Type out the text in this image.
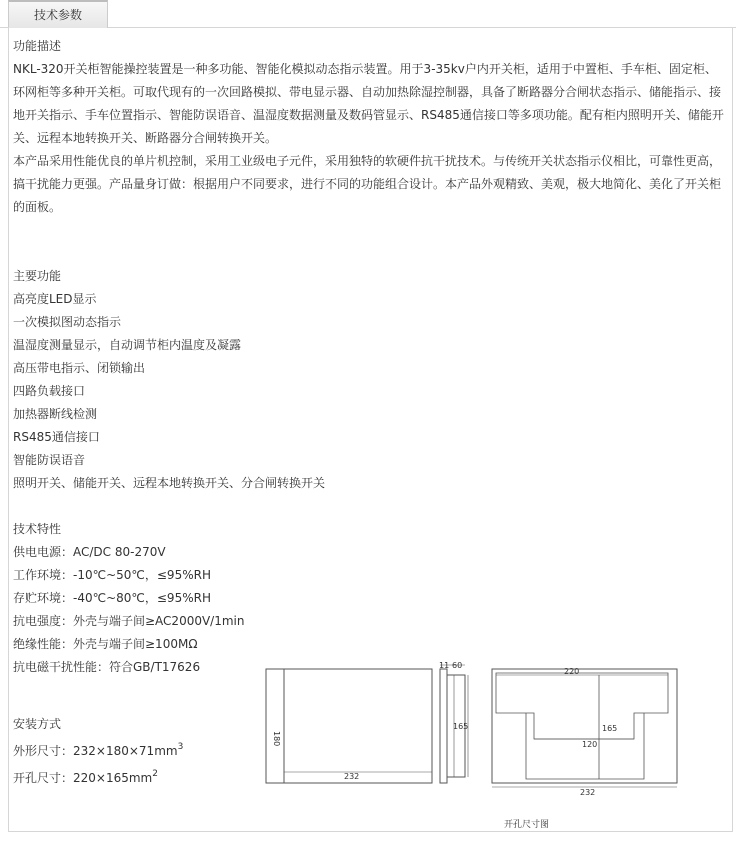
技术参数
功能描述

NKL-320开关柜智能操控装置是一种多功能、智能化模拟动态指示装置。用于3-35kv户内开关柜，适用于中置柜、手车柜、固定柜、环网柜等多种开关柜。可取代现有的一次回路模拟、带电显示器、自动加热除湿控制器，具备了断路器分合闸状态指示、储能指示、接地开关指示、手车位置指示、智能防误语音、温湿度数据测量及数码管显示、RS485通信接口等多项功能。配有柜内照明开关、储能开关、远程本地转换开关、断路器分合闸转换开关。

本产品采用性能优良的单片机控制，采用工业级电子元件，采用独特的软硬件抗干扰技术。与传统开关状态指示仪相比，可靠性更高，搞干扰能力更强。产品量身订做：根据用户不同要求，进行不同的功能组合设计。本产品外观精致、美观，极大地简化、美化了开关柜的面板。

主要功能
高亮度LED显示
一次模拟图动态指示
温湿度测量显示，自动调节柜内温度及凝露
高压带电指示、闭锁输出
四路负载接口
加热器断线检测
RS485通信接口
智能防误语音
照明开关、储能开关、远程本地转换开关、分合闸转换开关
技术特性
供电电源：AC/DC 80-270V
工作环境：-10℃~50℃，≤95%RH
存贮环境：-40℃~80℃，≤95%RH
抗电强度：外壳与端子间≥AC2000V/1min
绝缘性能：外壳与端子间≥100MΩ
抗电磁干扰性能：符合GB/T17626
安装方式
外形尺寸：$232\times 180\times 71mm^3$
开孔尺寸：$220\times 165mm^2$	232
180
11 60
165
220
165
120
232
开孔尺寸图
